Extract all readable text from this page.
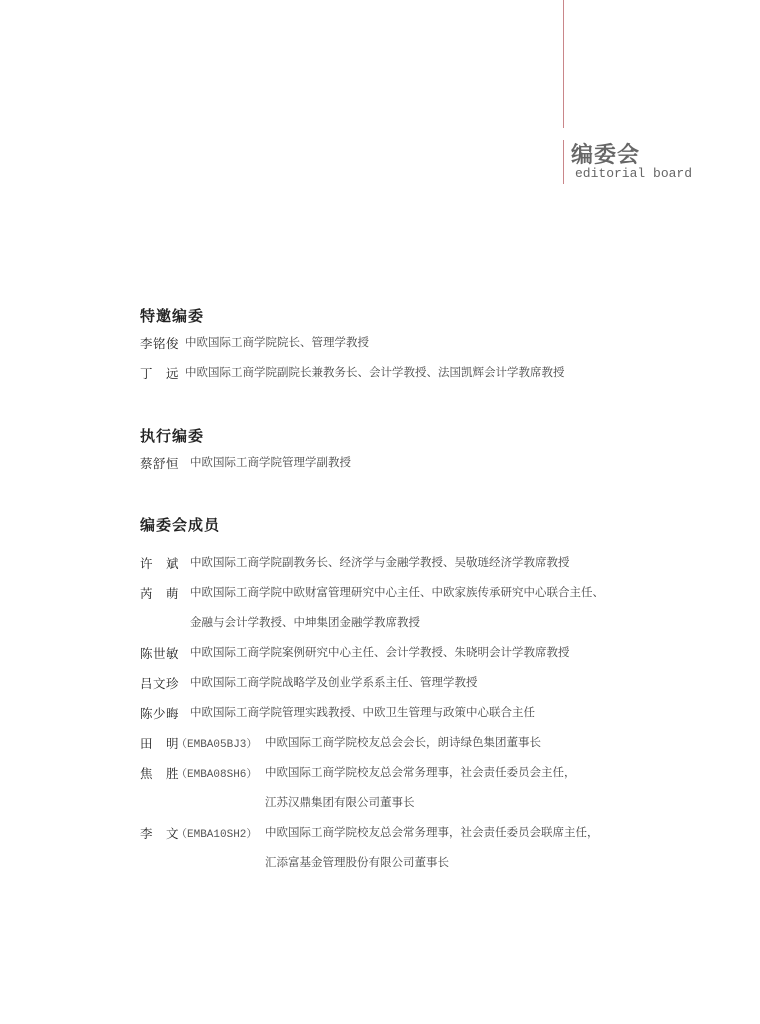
编委会
editorial board
特邀编委
李铭俊 中欧国际工商学院院长、管理学教授
丁　远 中欧国际工商学院副院长兼教务长、会计学教授、法国凯辉会计学教席教授
执行编委
蔡舒恒 中欧国际工商学院管理学副教授
编委会成员
许　斌 中欧国际工商学院副教务长、经济学与金融学教授、吴敬琏经济学教席教授
芮　萌 中欧国际工商学院中欧财富管理研究中心主任、中欧家族传承研究中心联合主任、
金融与会计学教授、中坤集团金融学教席教授
陈世敏 中欧国际工商学院案例研究中心主任、会计学教授、朱晓明会计学教席教授
吕文珍 中欧国际工商学院战略学及创业学系系主任、管理学教授
陈少晦 中欧国际工商学院管理实践教授、中欧卫生管理与政策中心联合主任
田　明
（EMBA05BJ3） 中欧国际工商学院校友总会会长，朗诗绿色集团董事长
焦　胜
（EMBA08SH6） 中欧国际工商学院校友总会常务理事，社会责任委员会主任，
江苏汉鼎集团有限公司董事长
李　文
（EMBA10SH2） 中欧国际工商学院校友总会常务理事，社会责任委员会联席主任，
汇添富基金管理股份有限公司董事长
